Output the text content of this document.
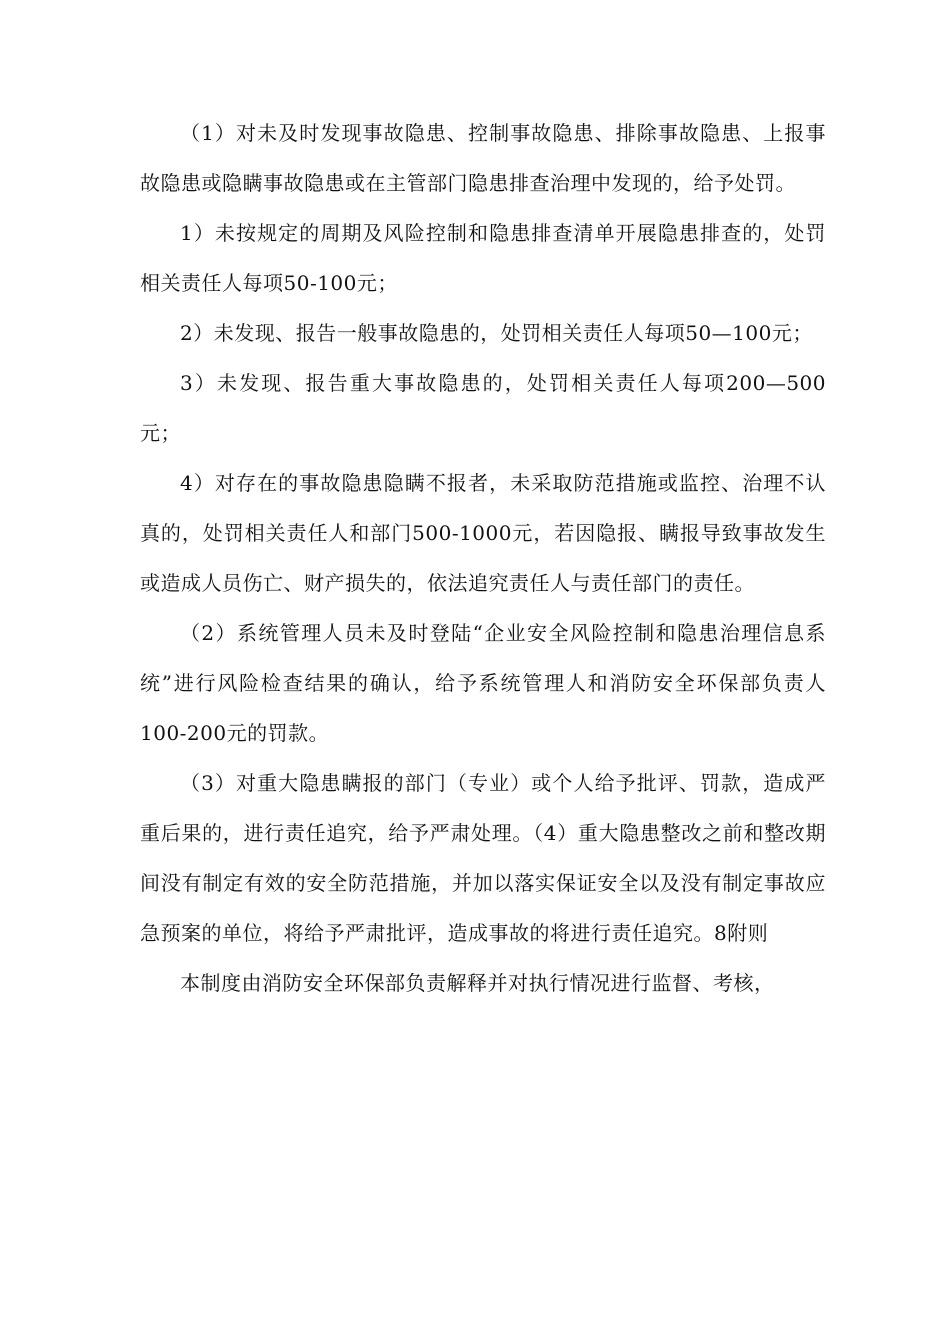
（1）对未及时发现事故隐患、控制事故隐患、排除事故隐患、上报事故隐患或隐瞒事故隐患或在主管部门隐患排查治理中发现的，给予处罚。

1）未按规定的周期及风险控制和隐患排查清单开展隐患排查的，处罚相关责任人每项50-100元；

2）未发现、报告一般事故隐患的，处罚相关责任人每项50—100元；

3）未发现、报告重大事故隐患的，处罚相关责任人每项200—500元；

4）对存在的事故隐患隐瞒不报者，未采取防范措施或监控、治理不认真的，处罚相关责任人和部门500-1000元，若因隐报、瞒报导致事故发生或造成人员伤亡、财产损失的，依法追究责任人与责任部门的责任。

（2）系统管理人员未及时登陆“企业安全风险控制和隐患治理信息系统”进行风险检查结果的确认，给予系统管理人和消防安全环保部负责人100-200元的罚款。

（3）对重大隐患瞒报的部门（专业）或个人给予批评、罚款，造成严重后果的，进行责任追究，给予严肃处理。（4）重大隐患整改之前和整改期间没有制定有效的安全防范措施，并加以落实保证安全以及没有制定事故应急预案的单位，将给予严肃批评，造成事故的将进行责任追究。8附则

本制度由消防安全环保部负责解释并对执行情况进行监督、考核，
